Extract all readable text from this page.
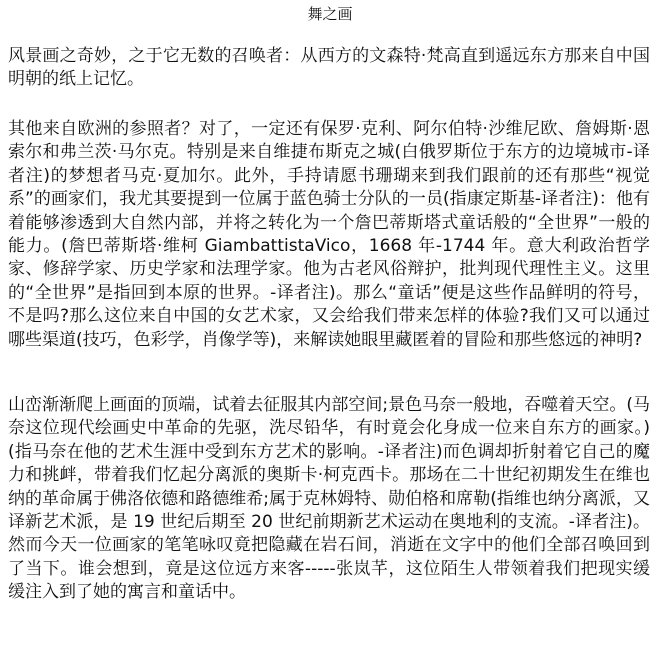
舞之画

风景画之奇妙，之于它无数的召唤者：从西方的文森特·梵高直到遥远东方那来自中国明朝的纸上记忆。

其他来自欧洲的参照者？对了，一定还有保罗·克利、阿尔伯特·沙维尼欧、詹姆斯·恩索尔和弗兰茨·马尔克。特别是来自维捷布斯克之城(白俄罗斯位于东方的边境城市-译者注)的梦想者马克·夏加尔。此外，手持请愿书珊瑚来到我们跟前的还有那些“视觉系”的画家们，我尤其要提到一位属于蓝色骑士分队的一员(指康定斯基-译者注)：他有着能够渗透到大自然内部，并将之转化为一个詹巴蒂斯塔式童话般的“全世界”一般的能力。(詹巴蒂斯塔·维柯 GiambattistaVico，1668 年-1744 年。意大利政治哲学家、修辞学家、历史学家和法理学家。他为古老风俗辩护，批判现代理性主义。这里的“全世界”是指回到本原的世界。-译者注)。那么“童话”便是这些作品鲜明的符号，不是吗?那么这位来自中国的女艺术家，又会给我们带来怎样的体验?我们又可以通过哪些渠道(技巧，色彩学，肖像学等)，来解读她眼里藏匿着的冒险和那些悠远的神明?

山峦渐渐爬上画面的顶端，试着去征服其内部空间;景色马奈一般地，吞噬着天空。(马奈这位现代绘画史中革命的先驱，洗尽铅华，有时竟会化身成一位来自东方的画家。)(指马奈在他的艺术生涯中受到东方艺术的影响。-译者注)而色调却折射着它自己的魔力和挑衅，带着我们忆起分离派的奥斯卡·柯克西卡。那场在二十世纪初期发生在维也纳的革命属于佛洛依德和路德维希;属于克林姆特、勋伯格和席勒(指维也纳分离派，又译新艺术派，是 19 世纪后期至 20 世纪前期新艺术运动在奥地利的支流。-译者注)。 然而今天一位画家的笔笔咏叹竟把隐藏在岩石间，消逝在文字中的他们全部召唤回到了当下。谁会想到，竟是这位远方来客-----张岚芊，这位陌生人带领着我们把现实缓缓注入到了她的寓言和童话中。
